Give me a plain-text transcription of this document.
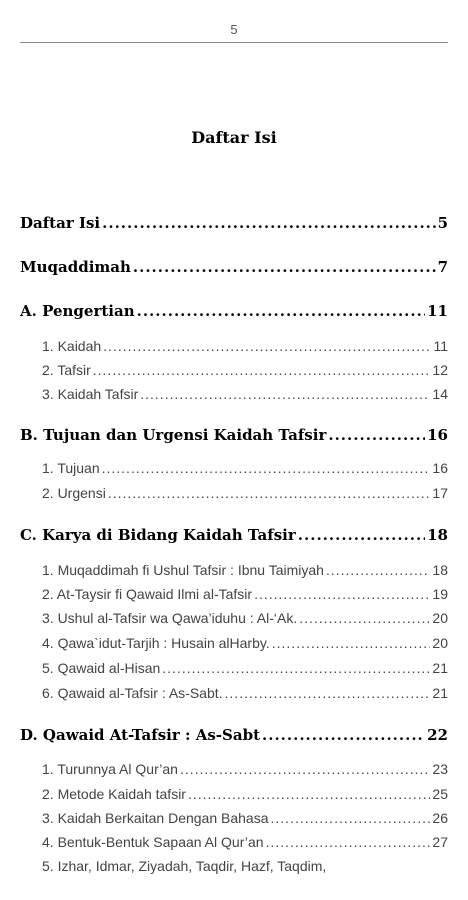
5
Daftar Isi
Daftar Isi .....	5
Muqaddimah .....	7
A. Pengertian .....	11
1. Kaidah .....	11
2. Tafsir .....	12
3. Kaidah Tafsir .....	14
B. Tujuan dan Urgensi Kaidah Tafsir .....	16
1. Tujuan .....	16
2. Urgensi .....	17
C. Karya di Bidang Kaidah Tafsir .....	18
1. Muqaddimah fi Ushul Tafsir : Ibnu Taimiyah .....	18
2. At-Taysir fi Qawaid Ilmi al-Tafsir .....	19
3. Ushul al-Tafsir wa Qawa’iduhu : Al-‘Ak. .....	20
4. Qawa`idut-Tarjih : Husain alHarby. .....	20
5. Qawaid al-Hisan .....	21
6. Qawaid al-Tafsir : As-Sabt. .....	21
D. Qawaid At-Tafsir : As-Sabt .....	22
1. Turunnya Al Qur’an .....	23
2. Metode Kaidah tafsir .....	25
3. Kaidah Berkaitan Dengan Bahasa .....	26
4. Bentuk-Bentuk Sapaan Al Qur’an .....	27
5. Izhar, Idmar, Ziyadah, Taqdir, Hazf, Taqdim,
